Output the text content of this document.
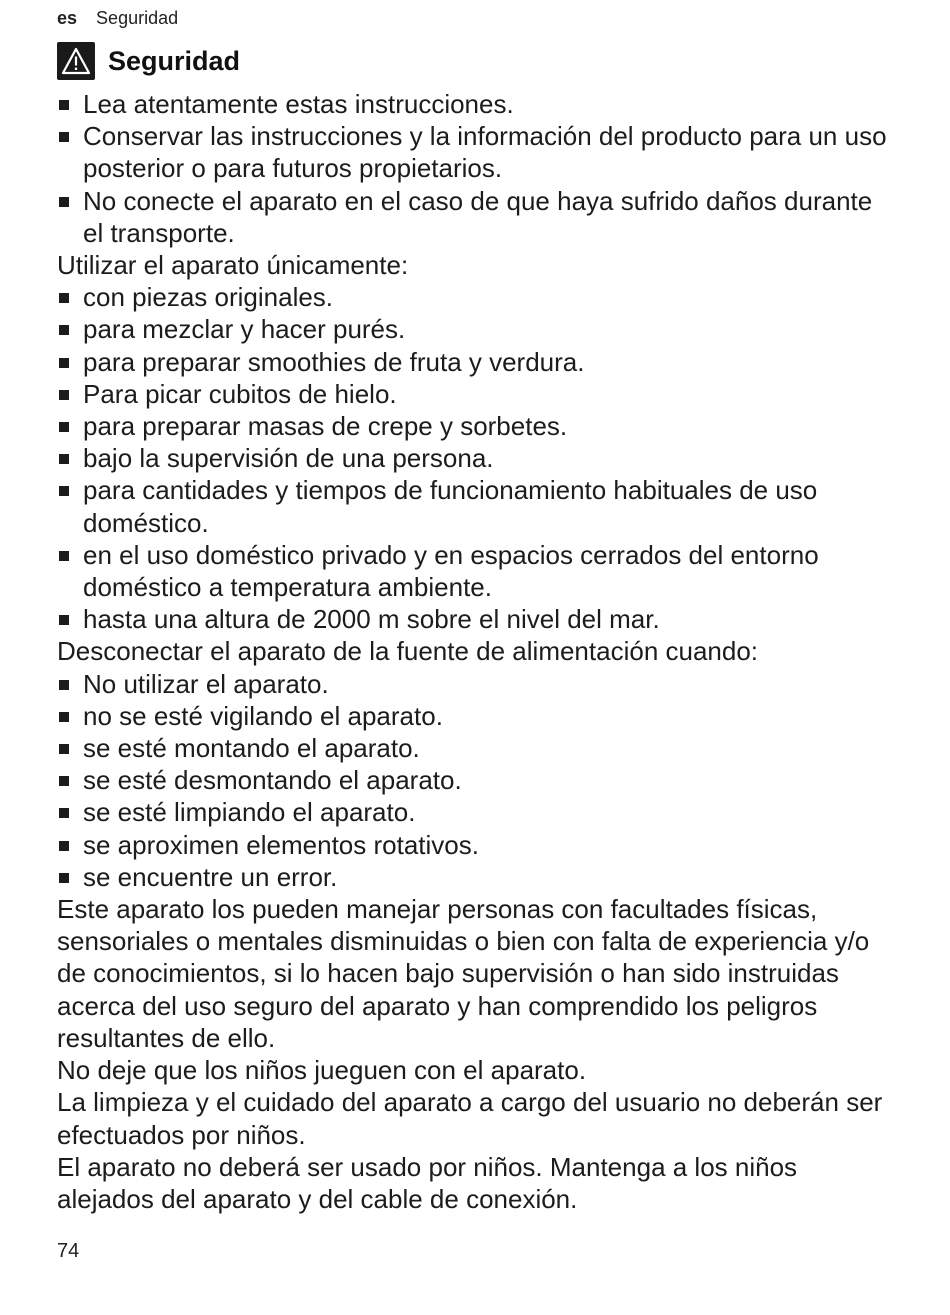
es Seguridad
Seguridad
Lea atentamente estas instrucciones.
Conservar las instrucciones y la información del producto para un uso posterior o para futuros propietarios.
No conecte el aparato en el caso de que haya sufrido daños durante el transporte.

Utilizar el aparato únicamente:

con piezas originales.
para mezclar y hacer purés.
para preparar smoothies de fruta y verdura.
Para picar cubitos de hielo.
para preparar masas de crepe y sorbetes.
bajo la supervisión de una persona.
para cantidades y tiempos de funcionamiento habituales de uso doméstico.
en el uso doméstico privado y en espacios cerrados del entorno doméstico a temperatura ambiente.
hasta una altura de 2000 m sobre el nivel del mar.

Desconectar el aparato de la fuente de alimentación cuando:

No utilizar el aparato.
no se esté vigilando el aparato.
se esté montando el aparato.
se esté desmontando el aparato.
se esté limpiando el aparato.
se aproximen elementos rotativos.
se encuentre un error.

Este aparato los pueden manejar personas con facultades físicas, sensoriales o mentales disminuidas o bien con falta de experiencia y/o de conocimientos, si lo hacen bajo supervisión o han sido instruidas acerca del uso seguro del aparato y han comprendido los peligros resultantes de ello.

No deje que los niños jueguen con el aparato.

La limpieza y el cuidado del aparato a cargo del usuario no deberán ser efectuados por niños.

El aparato no deberá ser usado por niños. Mantenga a los niños alejados del aparato y del cable de conexión.

74
